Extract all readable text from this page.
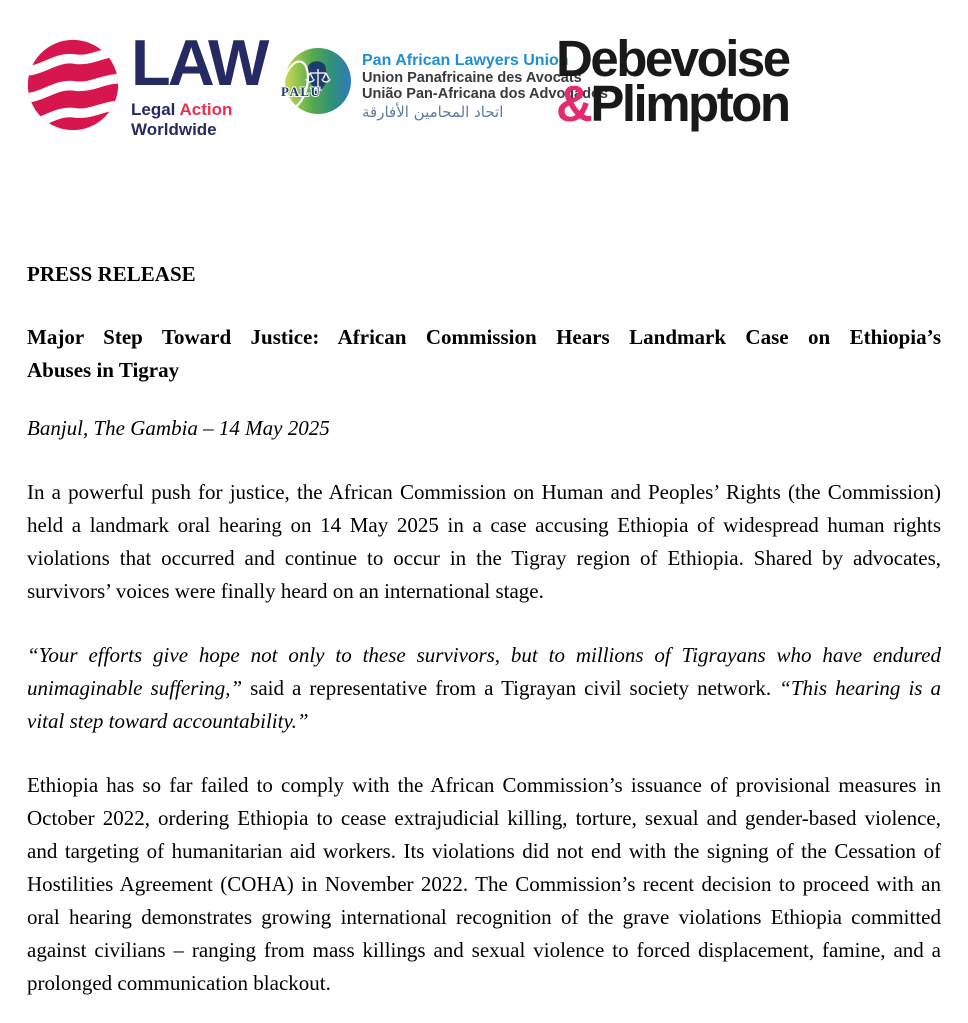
LAW
Legal Action
Worldwide
PALU
Pan African Lawyers Union
Union Panafricaine des Avocats
União Pan-Africana dos Advogados
اتحاد المحامين الأفارقة
Debevoise
&Plimpton

PRESS RELEASE

Major Step Toward Justice: African Commission Hears Landmark Case on Ethiopia’s
Abuses in Tigray

Banjul, The Gambia – 14 May 2025

In a powerful push for justice, the African Commission on Human and Peoples’ Rights (the Commission) held a landmark oral hearing on 14 May 2025 in a case accusing Ethiopia of widespread human rights violations that occurred and continue to occur in the Tigray region of Ethiopia. Shared by advocates, survivors’ voices were finally heard on an international stage.

“Your efforts give hope not only to these survivors, but to millions of Tigrayans who have endured unimaginable suffering,” said a representative from a Tigrayan civil society network. “This hearing is a vital step toward accountability.”

Ethiopia has so far failed to comply with the African Commission’s issuance of provisional measures in October 2022, ordering Ethiopia to cease extrajudicial killing, torture, sexual and gender-based violence, and targeting of humanitarian aid workers. Its violations did not end with the signing of the Cessation of Hostilities Agreement (COHA) in November 2022. The Commission’s recent decision to proceed with an oral hearing demonstrates growing international recognition of the grave violations Ethiopia committed against civilians – ranging from mass killings and sexual violence to forced displacement, famine, and a prolonged communication blackout.
